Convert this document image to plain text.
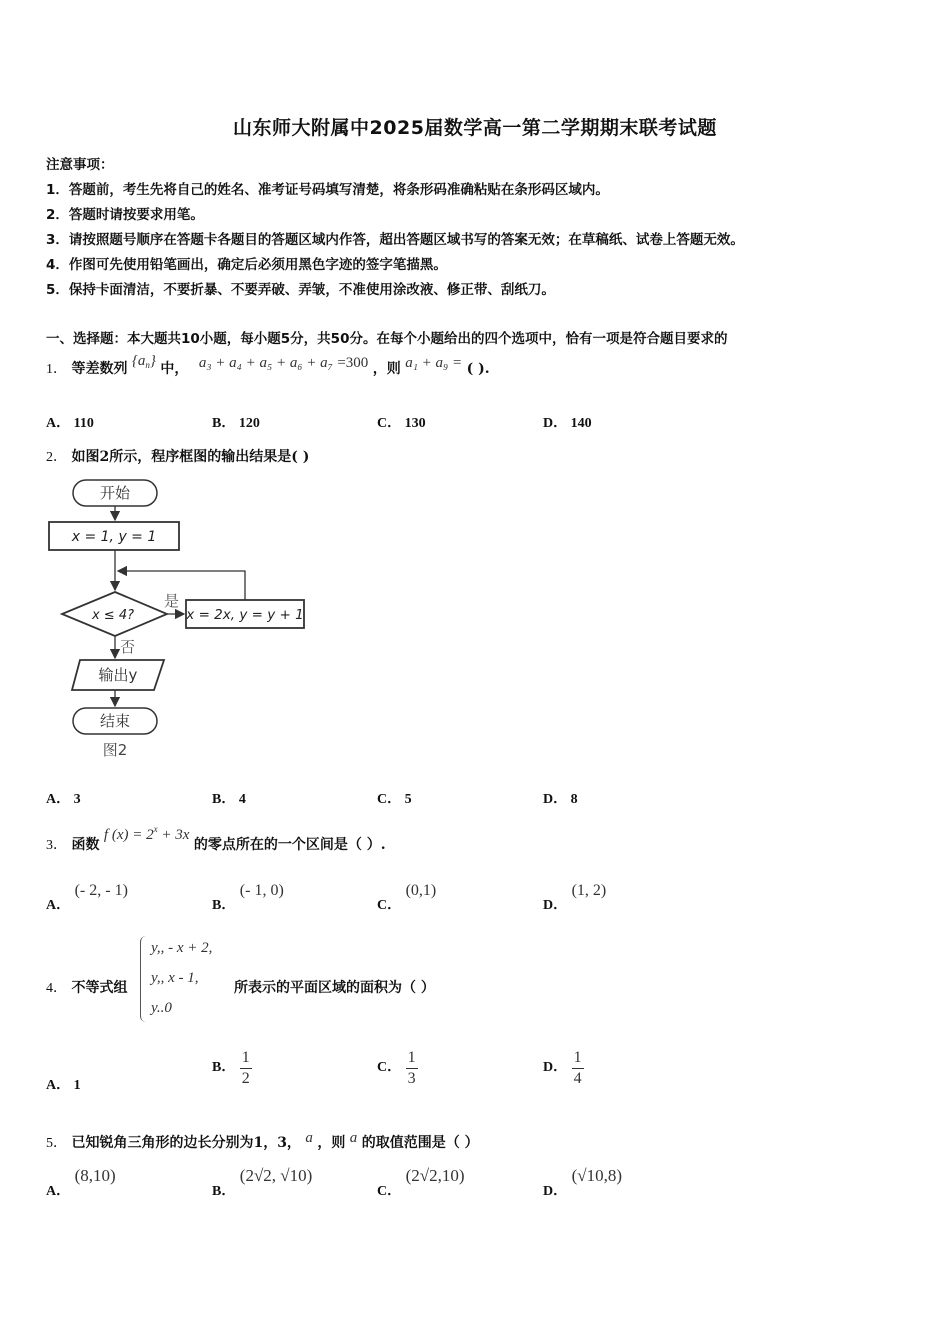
山东师大附属中2025届数学高一第二学期期末联考试题
注意事项：
1．答题前，考生先将自己的姓名、准考证号码填写清楚，将条形码准确粘贴在条形码区域内。
2．答题时请按要求用笔。
3．请按照题号顺序在答题卡各题目的答题区域内作答，超出答题区域书写的答案无效；在草稿纸、试卷上答题无效。
4．作图可先使用铅笔画出，确定后必须用黑色字迹的签字笔描黑。
5．保持卡面清洁，不要折暴、不要弄破、弄皱，不准使用涂改液、修正带、刮纸刀。
一、选择题：本大题共10小题，每小题5分，共50分。在每个小题给出的四个选项中，恰有一项是符合题目要求的
1． 等差数列 $\{a_n\}$ 中， a₃ + a₄ + a₅ + a₆ + a₇ =300 ，则 a₁ + a₉ = ( ).
A． 110	B． 120	C． 130	D． 140
2． 如图2所示，程序框图的输出结果是( )
开始
x = 1, y = 1
x ≤ 4?
是
x = 2x, y = y + 1
否
输出y
结束
图2
A． 3	B． 4	C． 5	D． 8
3． 函数 f $(x) = 2^x + 3x$ 的零点所在的一个区间是（ ）.
A． (- 2, - 1)
B． (- 1, 0)
C． (0,1)
D． (1, 2)
4． 不等式组
y,, - x + 2,
y,, x - 1,
y..0
所表示的平面区域的面积为（ ）
A． 1
B． $\frac{1}{2}$	C． $\frac{1}{3}$	D． $\frac{1}{4}$
5． 已知锐角三角形的边长分别为1，3， a ，则 a 的取值范围是（ ）
A． (8,10)
B． (2√2, √10)
C． (2√2,10)
D． (√10,8)
